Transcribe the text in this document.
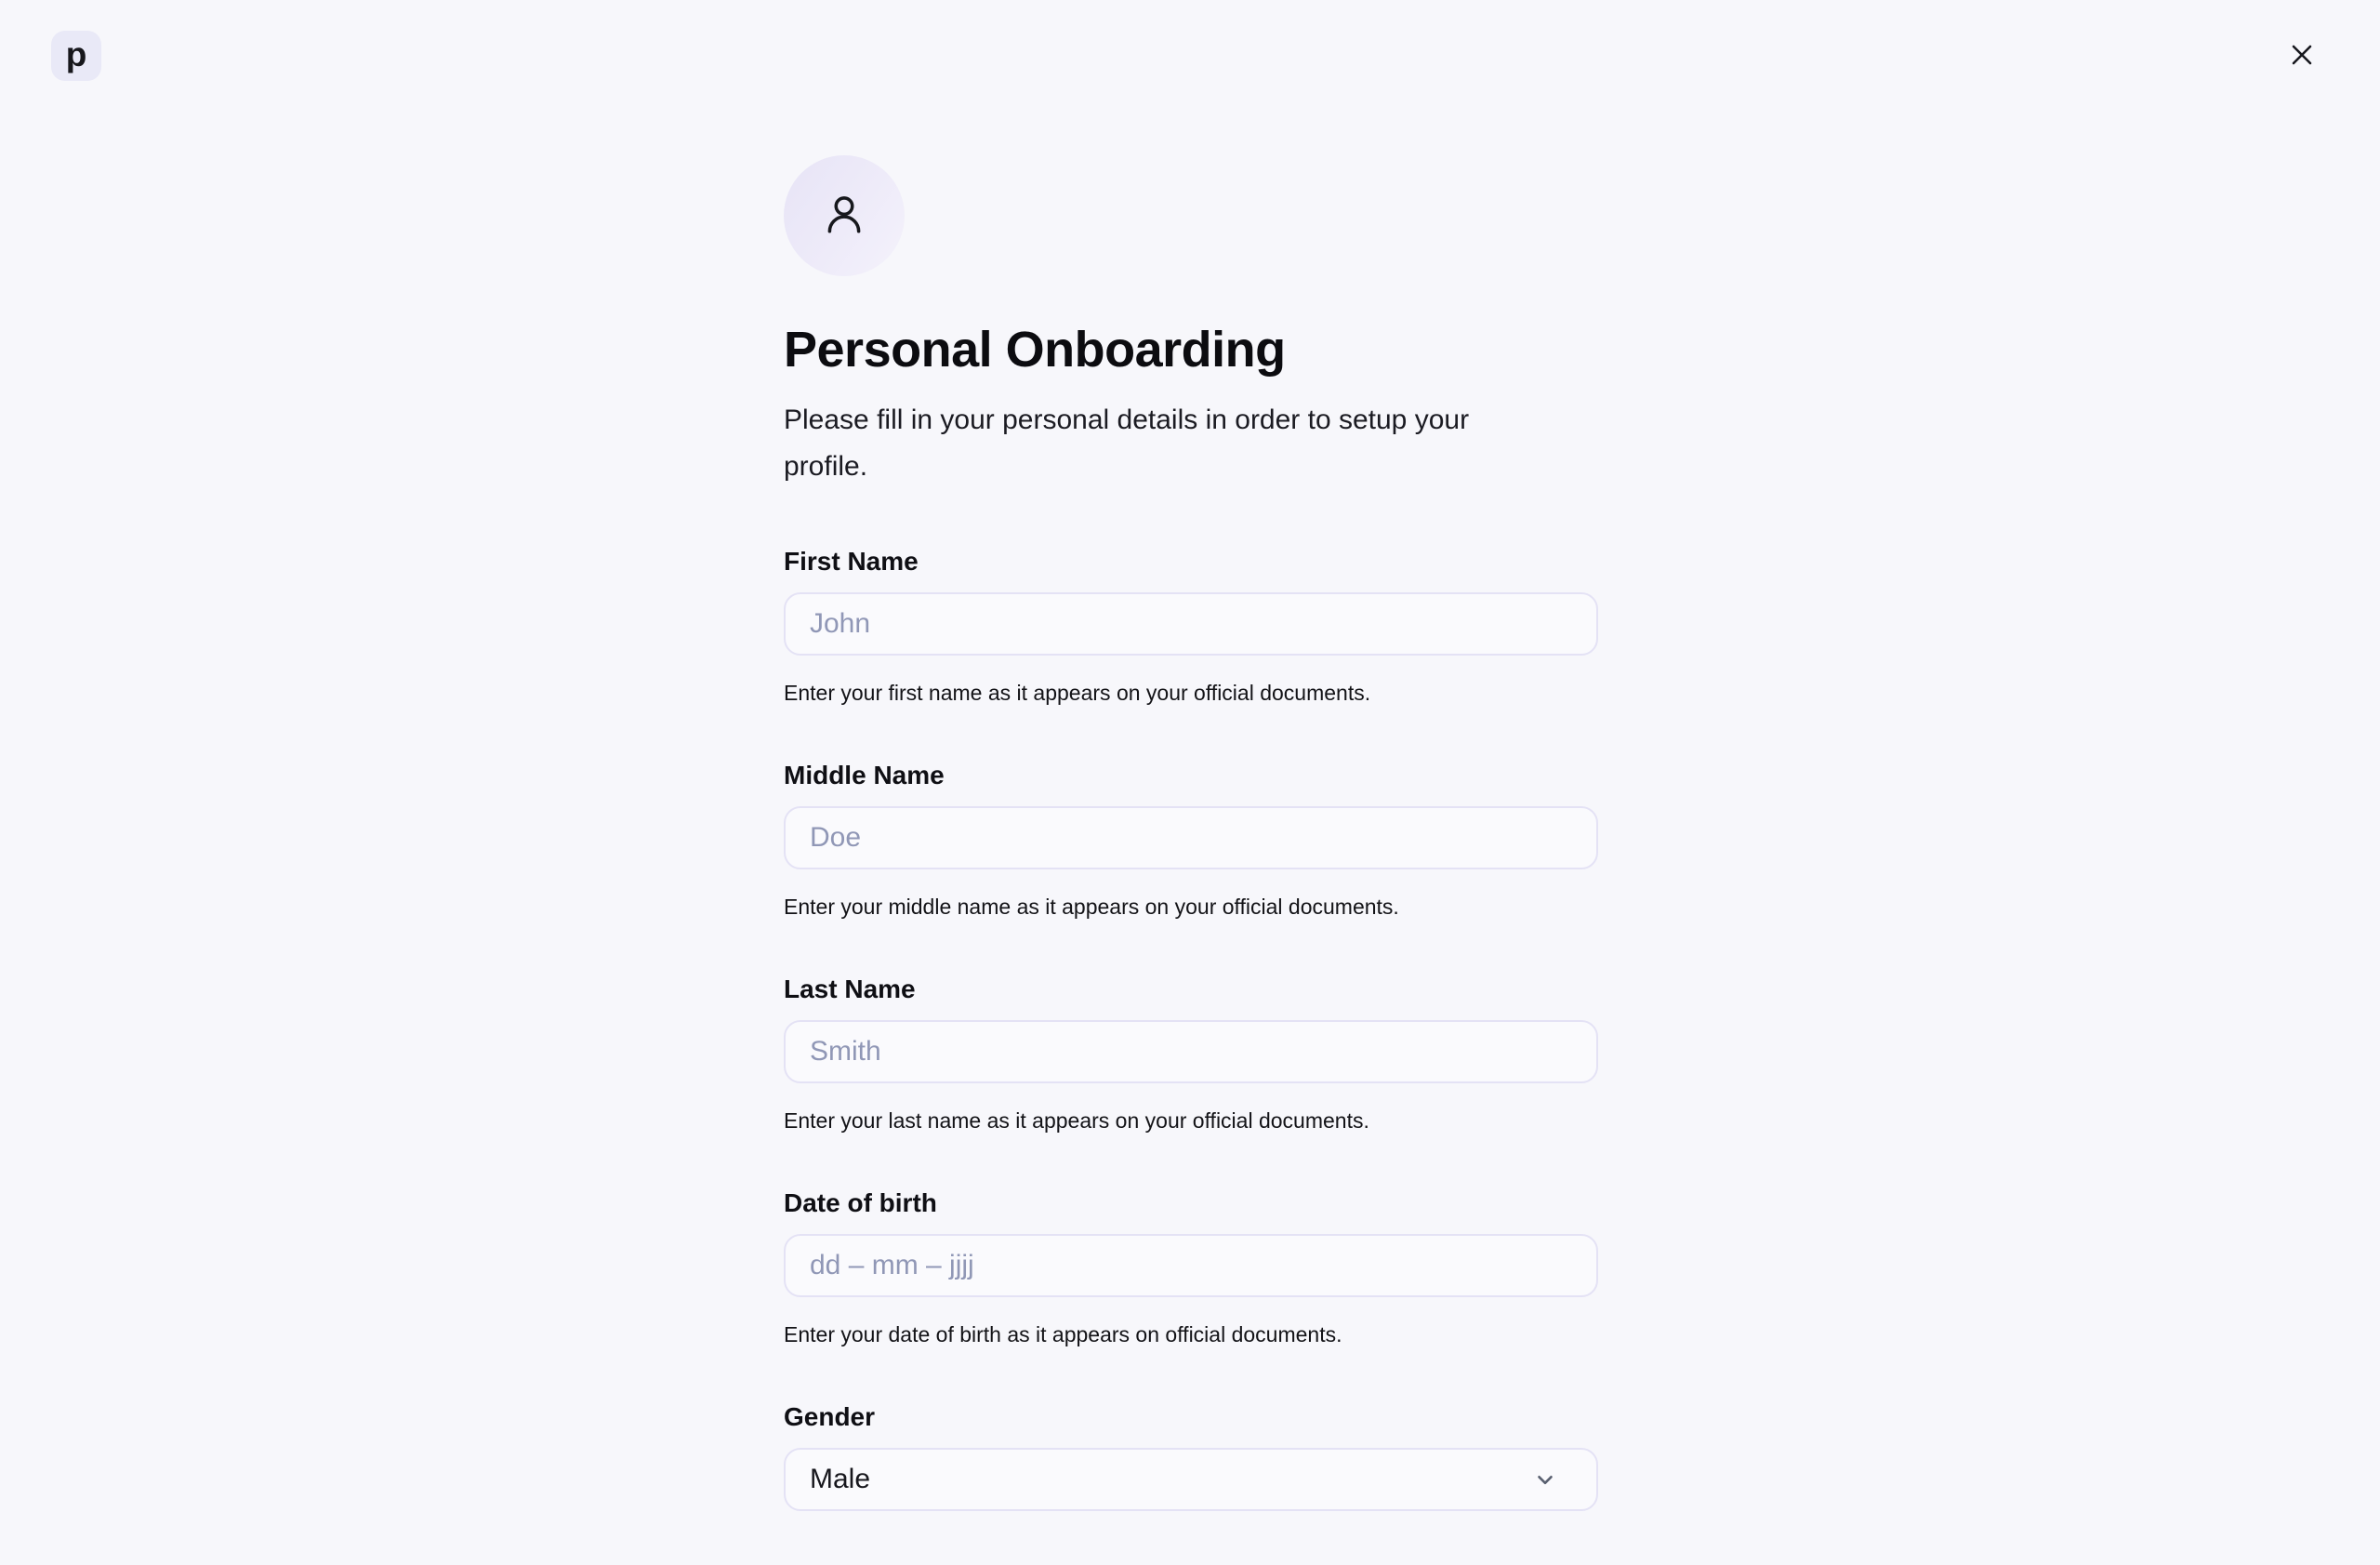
p
Personal Onboarding

Please fill in your personal details in order to setup your profile.

First Name
John
Enter your first name as it appears on your official documents.
Middle Name
Doe
Enter your middle name as it appears on your official documents.
Last Name
Smith
Enter your last name as it appears on your official documents.
Date of birth
dd – mm – jjjj
Enter your date of birth as it appears on official documents.
Gender
Male
